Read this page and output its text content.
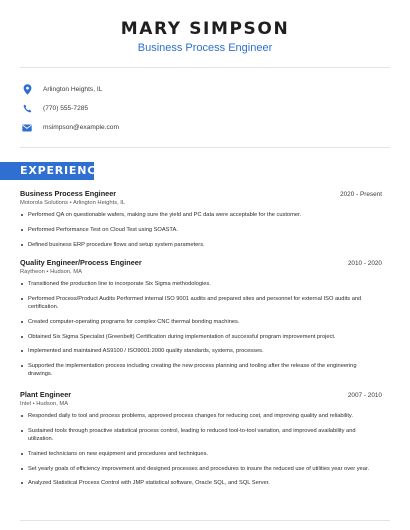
MARY SIMPSON
Business Process Engineer
Arlington Heights, IL
(770) 555-7285
msimpson@example.com
EXPERIENCE
Business Process Engineer	2020 - Present
Motorola Solutions • Arlington Heights, IL
Performed QA on questionable wafers, making sure the yield and PC data were acceptable for the customer.
Performed Performance Test on Cloud Test using SOASTA.
Defined business ERP procedure flows and setup system parameters.
Quality Engineer/Process Engineer	2010 - 2020
Raytheon • Hudson, MA
Transitioned the production line to incorporate Six Sigma methodologies.
Performed Process/Product Audits Performed internal ISO 9001 audits and prepared sites and personnel for external ISO audits and certification.
Created computer-operating programs for complex CNC thermal bonding machines.
Obtained Six Sigma Specialist (Greenbelt) Certification during implementation of successful program improvement project.
Implemented and maintained AS9100 / ISO9001:2000 quality standards, systems, processes.
Supported the implementation process including creating the new process planning and tooling after the release of the engineering drawings.
Plant Engineer	2007 - 2010
Intel • Hudson, MA
Responded daily to tool and process problems, approved process changes for reducing cost, and improving quality and reliability.
Sustained tools through proactive statistical process control, leading to reduced tool-to-tool variation, and improved availability and utilization.
Trained technicians on new equipment and procedures and techniques.
Set yearly goals of efficiency improvement and designed processes and procedures to insure the reduced use of utilities year over year.
Analyzed Statistical Process Control with JMP statistical software, Oracle SQL, and SQL Server.
